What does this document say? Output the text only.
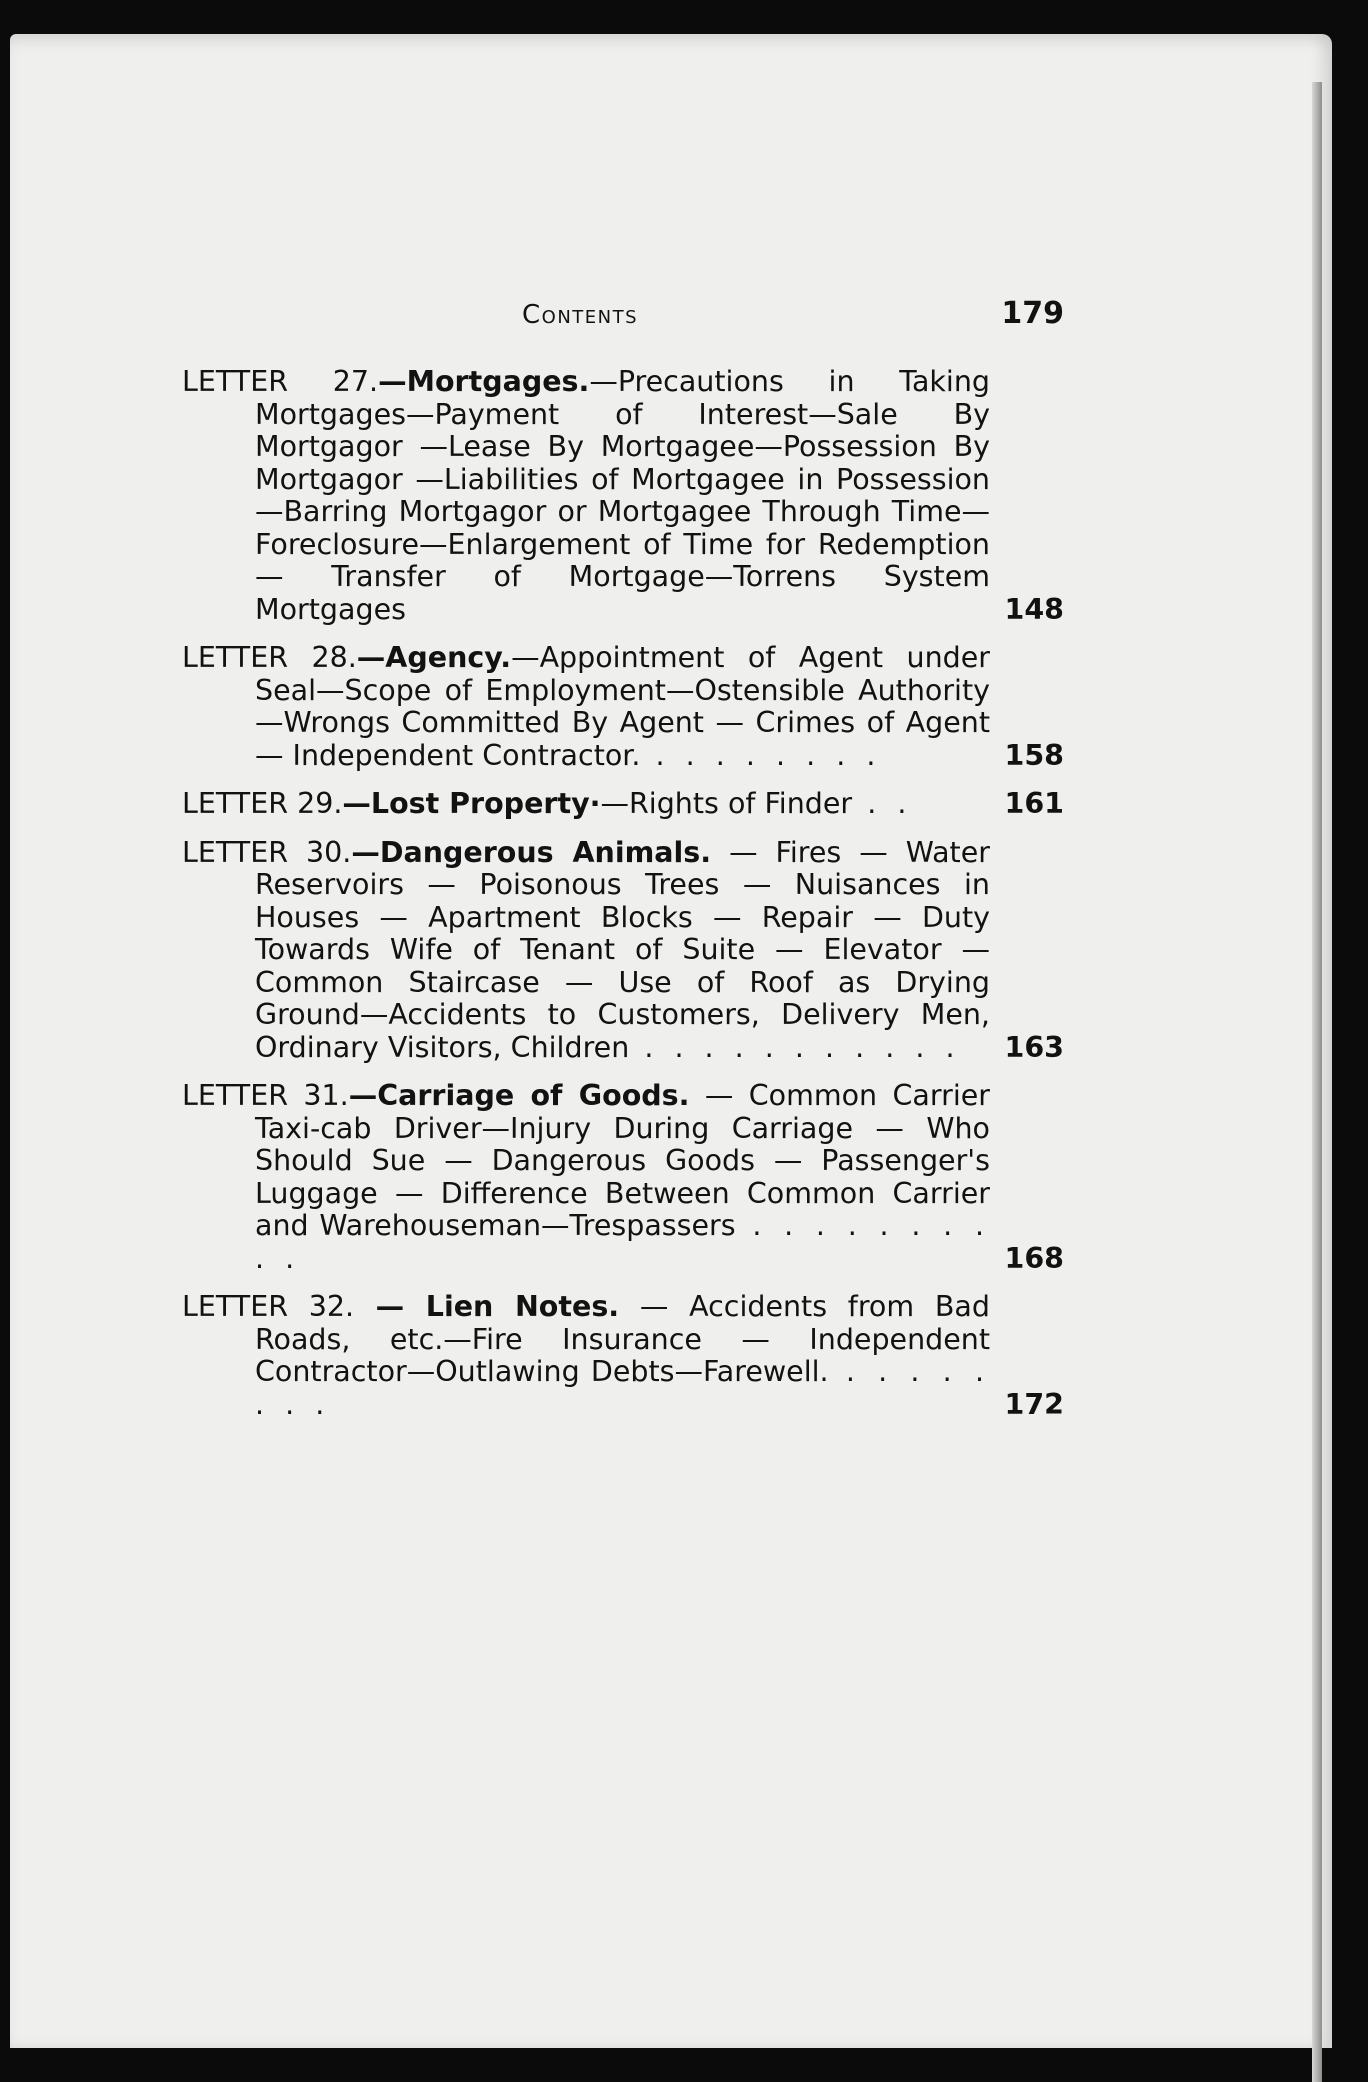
Contents	179
LETTER 27.—Mortgages.—Precautions in Taking Mortgages—Payment of Interest—Sale By Mortgagor —Lease By Mortgagee—Possession By Mortgagor —Liabilities of Mortgagee in Possession—Barring Mortgagor or Mortgagee Through Time—Foreclosure—Enlargement of Time for Redemption — Transfer of Mortgage—Torrens System Mortgages	148
LETTER 28.—Agency.—Appointment of Agent under Seal—Scope of Employment—Ostensible Authority—Wrongs Committed By Agent — Crimes of Agent— Independent Contractor. . . . . . . . .	158
LETTER 29.—Lost Property·—Rights of Finder . .	161
LETTER 30.—Dangerous Animals. — Fires — Water Reservoirs — Poisonous Trees — Nuisances in Houses — Apartment Blocks — Repair — Duty Towards Wife of Tenant of Suite — Elevator — Common Staircase — Use of Roof as Drying Ground—Accidents to Customers, Delivery Men, Ordinary Visitors, Children . . . . . . . . . . .	163
LETTER 31.—Carriage of Goods. — Common Carrier Taxi-cab Driver—Injury During Carriage — Who Should Sue — Dangerous Goods — Passenger's Luggage — Difference Between Common Carrier and Warehouseman—Trespassers . . . . . . . . . .	168
LETTER 32. — Lien Notes. — Accidents from Bad Roads, etc.—Fire Insurance — Independent Contractor—Outlawing Debts—Farewell. . . . . . . . .	172
